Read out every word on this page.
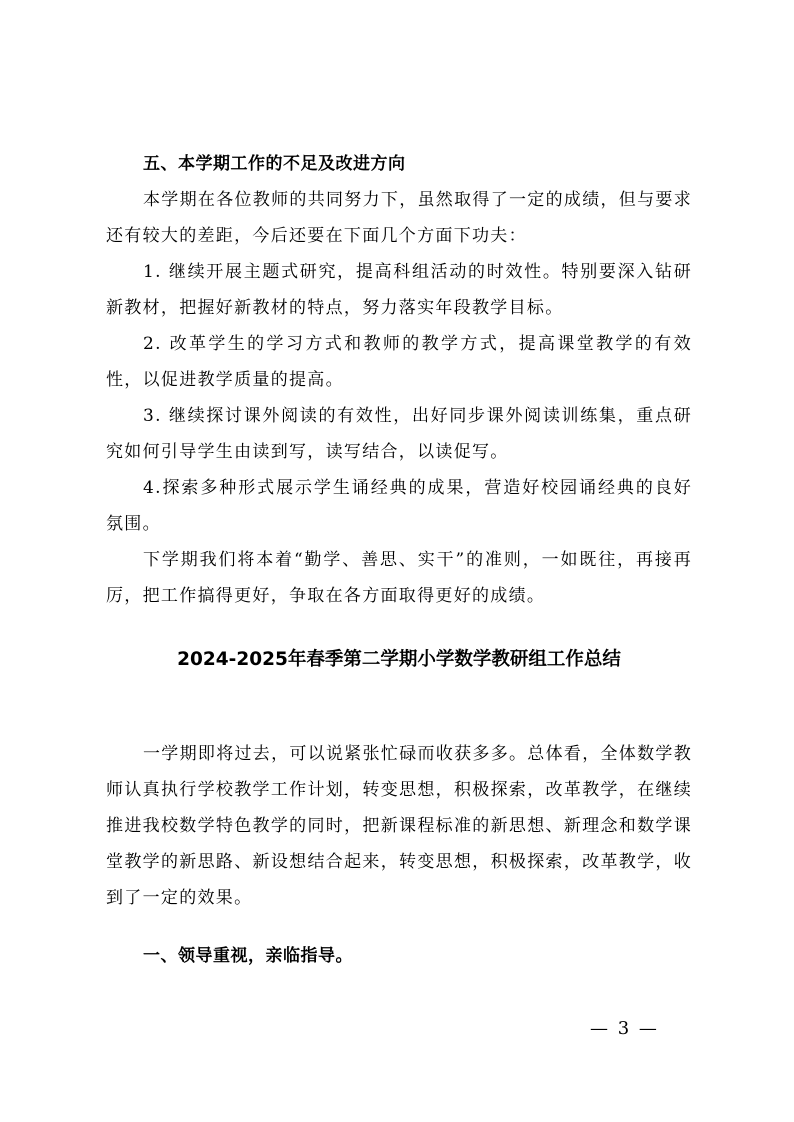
五、本学期工作的不足及改进方向

本学期在各位教师的共同努力下，虽然取得了一定的成绩，但与要求还有较大的差距，今后还要在下面几个方面下功夫：

1. 继续开展主题式研究，提高科组活动的时效性。特别要深入钻研新教材，把握好新教材的特点，努力落实年段教学目标。

2. 改革学生的学习方式和教师的教学方式，提高课堂教学的有效性，以促进教学质量的提高。

3. 继续探讨课外阅读的有效性，出好同步课外阅读训练集，重点研究如何引导学生由读到写，读写结合，以读促写。

4.探索多种形式展示学生诵经典的成果，营造好校园诵经典的良好氛围。

下学期我们将本着“勤学、善思、实干”的准则，一如既往，再接再厉，把工作搞得更好，争取在各方面取得更好的成绩。

2024-2025年春季第二学期小学数学教研组工作总结

一学期即将过去，可以说紧张忙碌而收获多多。总体看，全体数学教师认真执行学校教学工作计划，转变思想，积极探索，改革教学，在继续推进我校数学特色教学的同时，把新课程标准的新思想、新理念和数学课堂教学的新思路、新设想结合起来，转变思想，积极探索，改革教学，收到了一定的效果。

一、领导重视，亲临指导。

— 3 —
